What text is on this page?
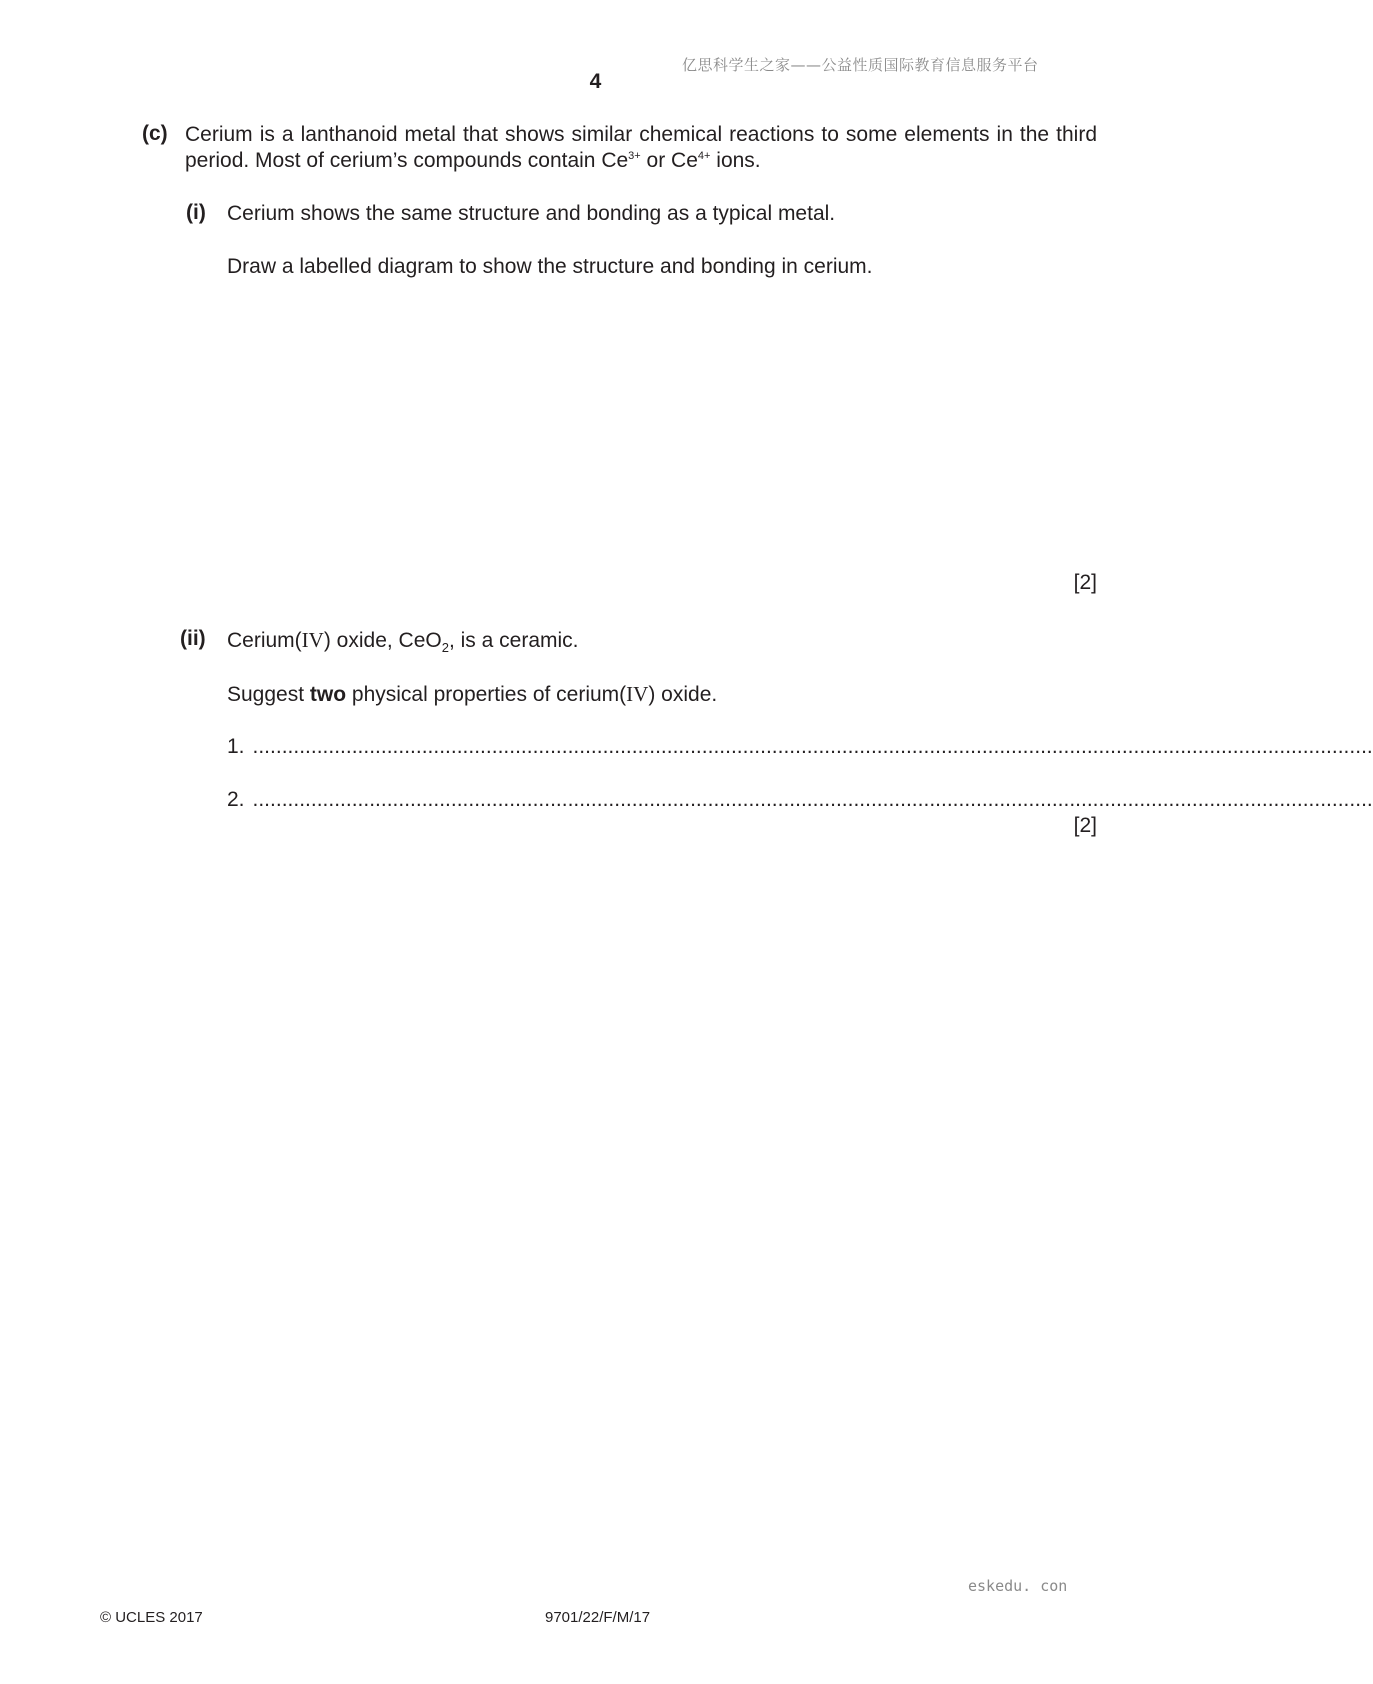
亿思科学生之家——公益性质国际教育信息服务平台
4
(c) Cerium is a lanthanoid metal that shows similar chemical reactions to some elements in the third period. Most of cerium’s compounds contain $Ce^{3+}$ or $Ce^{4+}$ ions.
(i) Cerium shows the same structure and bonding as a typical metal.
Draw a labelled diagram to show the structure and bonding in cerium.
[2]
(ii) Cerium(IV) oxide, CeO$_2$, is a ceramic.
Suggest two physical properties of cerium(IV) oxide.
1. ................................................................................................................................................................................................
2. ................................................................................................................................................................................................
[2]
eskedu. con
© UCLES 2017	9701/22/F/M/17
